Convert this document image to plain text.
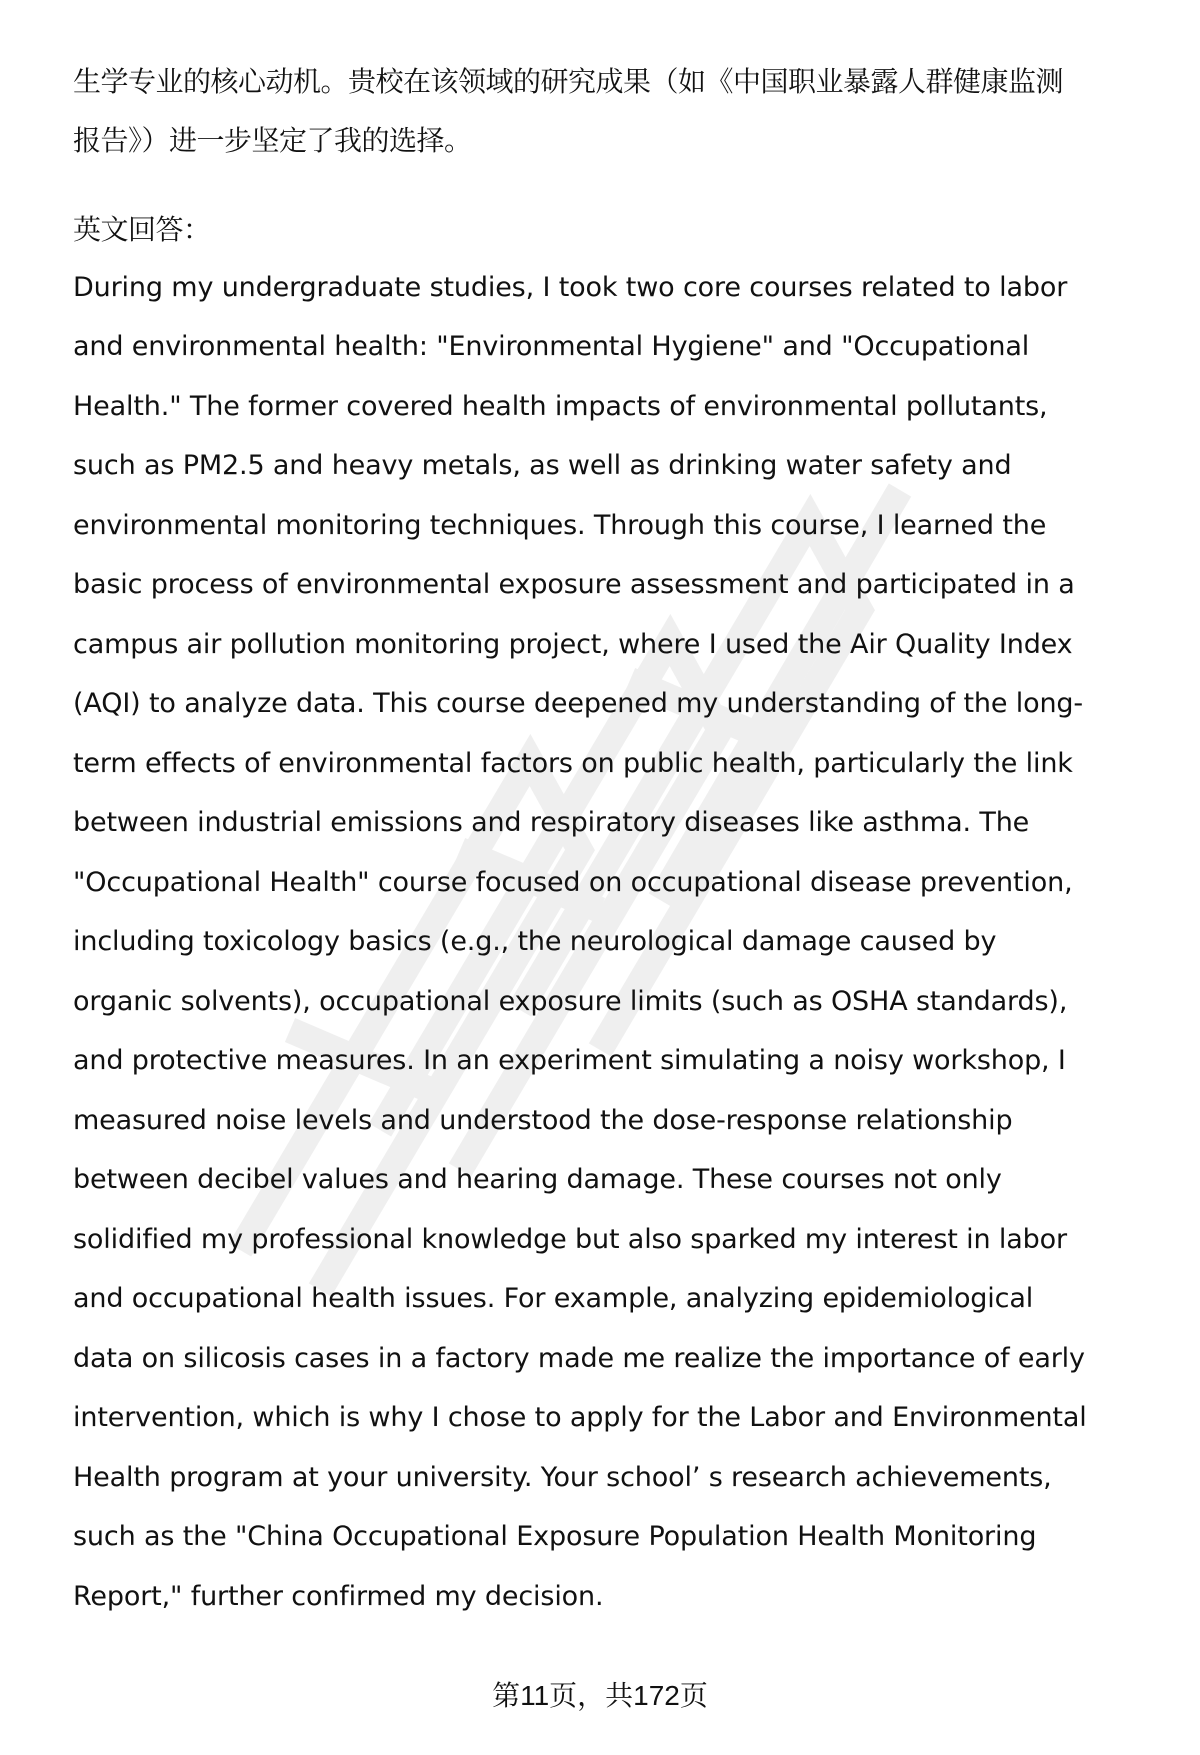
生学专业的核心动机。贵校在该领域的研究成果（如《中国职业暴露人群健康监测
报告》）进一步坚定了我的选择。
英文回答：
During my undergraduate studies, I took two core courses related to labor
and environmental health: "Environmental Hygiene" and "Occupational
Health." The former covered health impacts of environmental pollutants,
such as PM2.5 and heavy metals, as well as drinking water safety and
environmental monitoring techniques. Through this course, I learned the
basic process of environmental exposure assessment and participated in a
campus air pollution monitoring project, where I used the Air Quality Index
(AQI) to analyze data. This course deepened my understanding of the long-
term effects of environmental factors on public health, particularly the link
between industrial emissions and respiratory diseases like asthma. The
"Occupational Health" course focused on occupational disease prevention,
including toxicology basics (e.g., the neurological damage caused by
organic solvents), occupational exposure limits (such as OSHA standards),
and protective measures. In an experiment simulating a noisy workshop, I
measured noise levels and understood the dose-response relationship
between decibel values and hearing damage. These courses not only
solidified my professional knowledge but also sparked my interest in labor
and occupational health issues. For example, analyzing epidemiological
data on silicosis cases in a factory made me realize the importance of early
intervention, which is why I chose to apply for the Labor and Environmental
Health program at your university. Your school’ s research achievements,
such as the "China Occupational Exposure Population Health Monitoring
Report," further confirmed my decision.
第11页，共172页
